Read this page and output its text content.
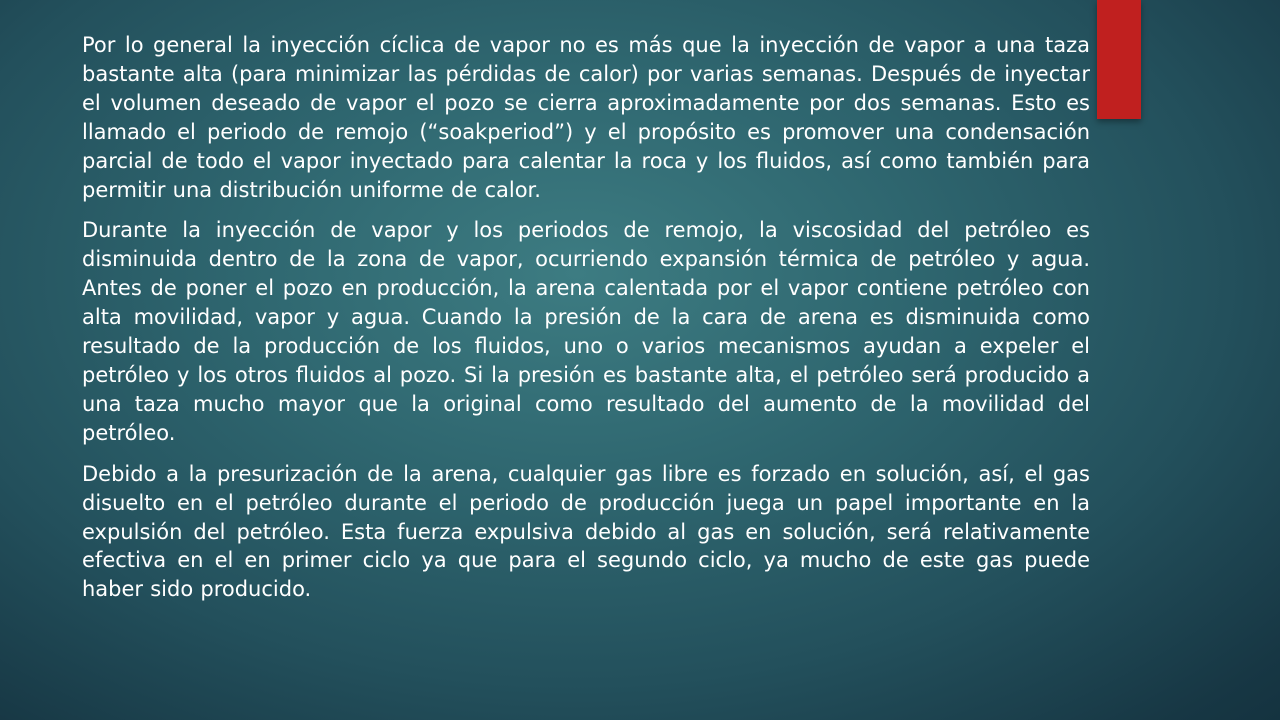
Por lo general la inyección cíclica de vapor no es más que la inyección de vapor a una taza bastante alta (para minimizar las pérdidas de calor) por varias semanas. Después de inyectar el volumen deseado de vapor el pozo se cierra aproximadamente por dos semanas. Esto es llamado el periodo de remojo (“soakperiod”) y el propósito es promover una condensación parcial de todo el vapor inyectado para calentar la roca y los fluidos, así como también para permitir una distribución uniforme de calor.

Durante la inyección de vapor y los periodos de remojo, la viscosidad del petróleo es disminuida dentro de la zona de vapor, ocurriendo expansión térmica de petróleo y agua. Antes de poner el pozo en producción, la arena calentada por el vapor contiene petróleo con alta movilidad, vapor y agua. Cuando la presión de la cara de arena es disminuida como resultado de la producción de los fluidos, uno o varios mecanismos ayudan a expeler el petróleo y los otros fluidos al pozo. Si la presión es bastante alta, el petróleo será producido a una taza mucho mayor que la original como resultado del aumento de la movilidad del petróleo.

Debido a la presurización de la arena, cualquier gas libre es forzado en solución, así, el gas disuelto en el petróleo durante el periodo de producción juega un papel importante en la expulsión del petróleo. Esta fuerza expulsiva debido al gas en solución, será relativamente efectiva en el en primer ciclo ya que para el segundo ciclo, ya mucho de este gas puede haber sido producido.
